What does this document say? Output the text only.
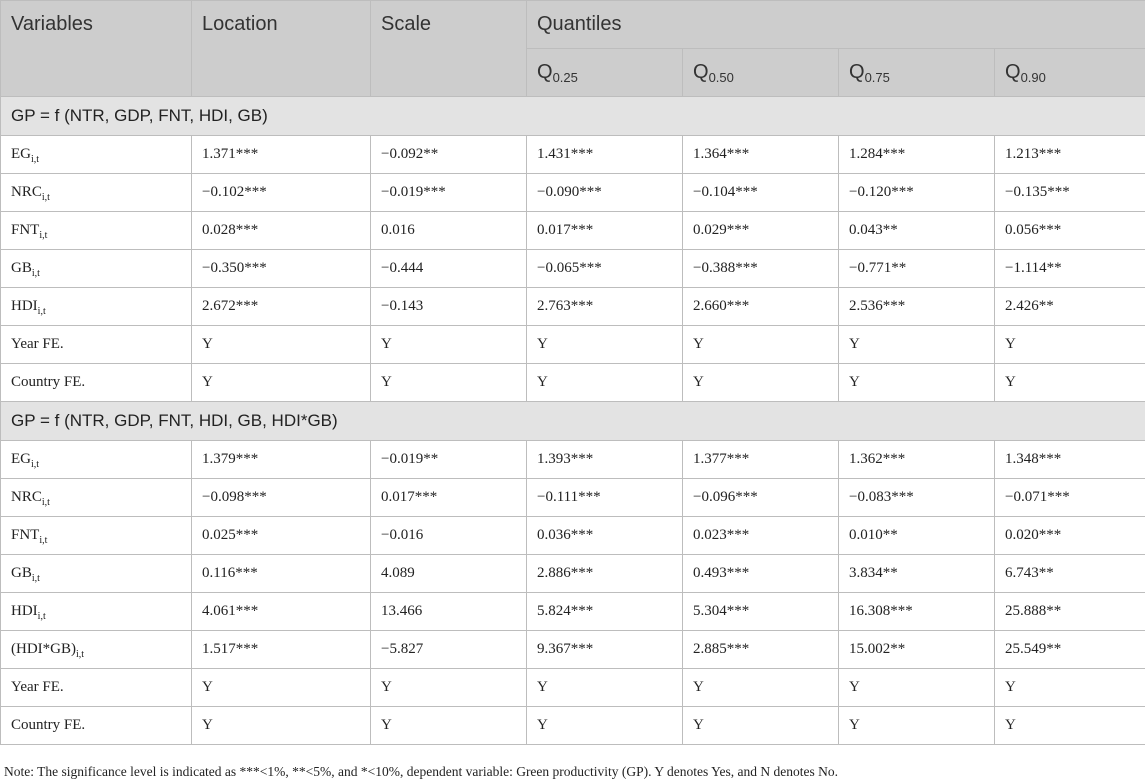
Variables	Location	Scale	Quantiles			
			$Q_{0.25}$	$Q_{0.50}$	$Q_{0.75}$	$Q_{0.90}$
GP = f (NTR, GDP, FNT, HDI, GB)						
$EG_{i,t}$	1.371***	−0.092**	1.431***	1.364***	1.284***	1.213***
$NRC_{i,t}$	−0.102***	−0.019***	−0.090***	−0.104***	−0.120***	−0.135***
$FNT_{i,t}$	0.028***	0.016	0.017***	0.029***	0.043**	0.056***
$GB_{i,t}$	−0.350***	−0.444	−0.065***	−0.388***	−0.771**	−1.114**
$HDI_{i,t}$	2.672***	−0.143	2.763***	2.660***	2.536***	2.426**
Year FE.	Y	Y	Y	Y	Y	Y
Country FE.	Y	Y	Y	Y	Y	Y
GP = f (NTR, GDP, FNT, HDI, GB, HDI*GB)						
$EG_{i,t}$	1.379***	−0.019**	1.393***	1.377***	1.362***	1.348***
$NRC_{i,t}$	−0.098***	0.017***	−0.111***	−0.096***	−0.083***	−0.071***
$FNT_{i,t}$	0.025***	−0.016	0.036***	0.023***	0.010**	0.020***
$GB_{i,t}$	0.116***	4.089	2.886***	0.493***	3.834**	6.743**
$HDI_{i,t}$	4.061***	13.466	5.824***	5.304***	16.308***	25.888**
$(HDI*GB)_{i,t}$	1.517***	−5.827	9.367***	2.885***	15.002**	25.549**
Year FE.	Y	Y	Y	Y	Y	Y
Country FE.	Y	Y	Y	Y	Y	Y
Note: The significance level is indicated as ***<1%, **<5%, and *<10%, dependent variable: Green productivity (GP). Y denotes Yes, and N denotes No.
